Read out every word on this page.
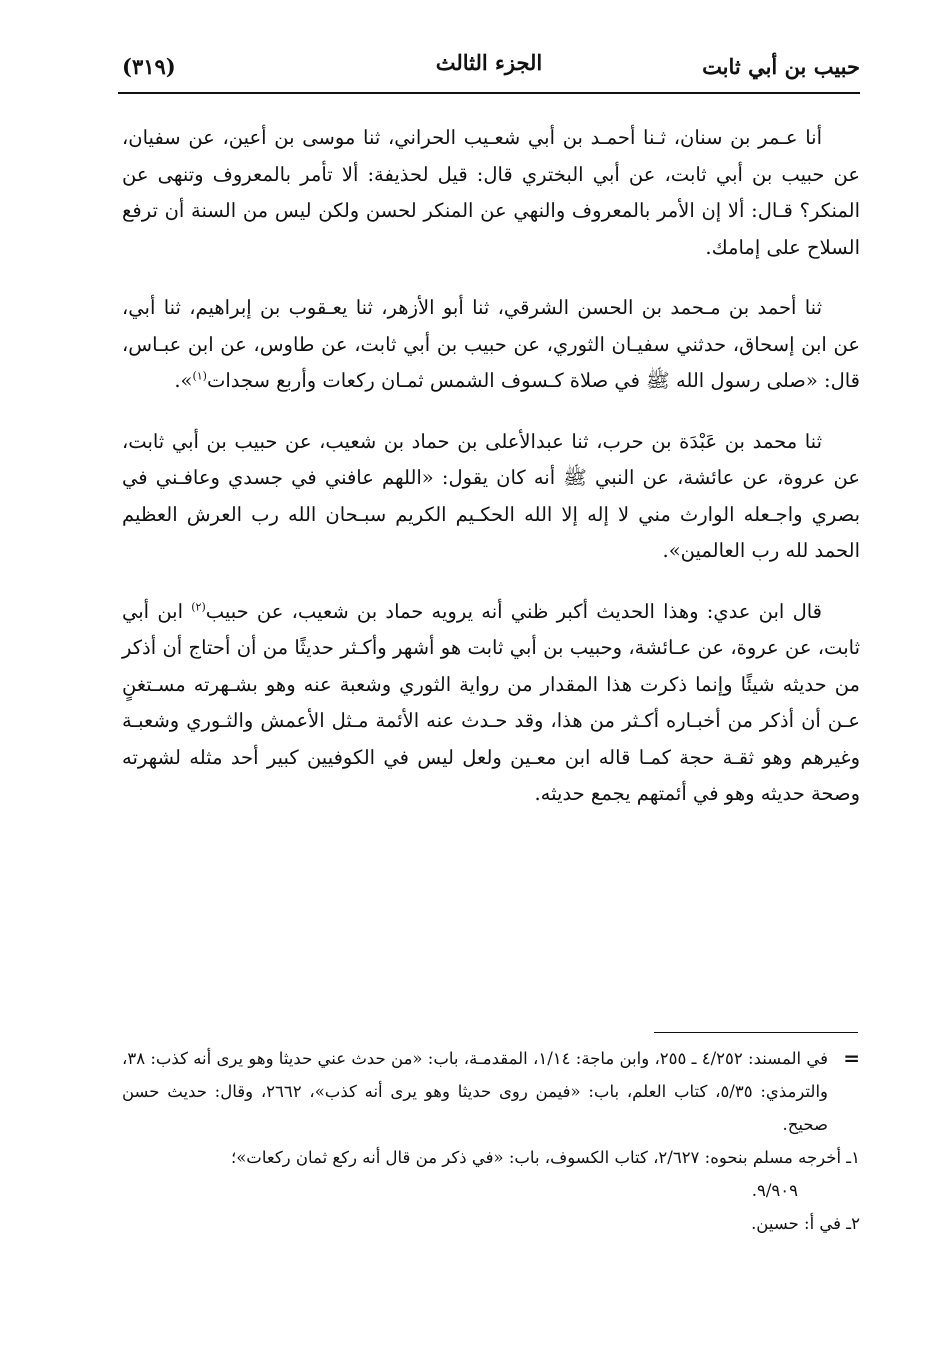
حبيب بن أبي ثابت
الجزء الثالث
(٣١٩)

أنا عـمر بن سنان، ثـنا أحمـد بن أبي شعـيب الحراني، ثنا موسى بن أعين، عن سفيان، عن حبيب بن أبي ثابت، عن أبي البختري قال: قيل لحذيفة: ألا تأمر بالمعروف وتنهى عن المنكر؟ قـال: ألا إن الأمر بالمعروف والنهي عن المنكر لحسن ولكن ليس من السنة أن ترفع السلاح على إمامك.

ثنا أحمد بن مـحمد بن الحسن الشرقي، ثنا أبو الأزهر، ثنا يعـقوب بن إبراهيم، ثنا أبي، عن ابن إسحاق، حدثني سفيـان الثوري، عن حبيب بن أبي ثابت، عن طاوس، عن ابن عبـاس، قال: «صلى رسول الله ﷺ في صلاة كـسوف الشمس ثمـان ركعات وأربع سجدات$^{(١)}$».

ثنا محمد بن عَبْدَة بن حرب، ثنا عبدالأعلى بن حماد بن شعيب، عن حبيب بن أبي ثابت، عن عروة، عن عائشة، عن النبي ﷺ أنه كان يقول: «اللهم عافني في جسدي وعافـني في بصري واجـعله الوارث مني لا إله إلا الله الحكـيم الكريم سبـحان الله رب العرش العظيم الحمد لله رب العالمين».

قال ابن عدي: وهذا الحديث أكبر ظني أنه يرويه حماد بن شعيب، عن حبيب$^{(٢)}$ ابن أبي ثابت، عن عروة، عن عـائشة، وحبيب بن أبي ثابت هو أشهر وأكـثر حديثًا من أن أحتاج أن أذكر من حديثه شيئًا وإنما ذكرت هذا المقدار من رواية الثوري وشعبة عنه وهو بشـهرته مسـتغنٍ عـن أن أذكر من أخبـاره أكـثر من هذا، وقد حـدث عنه الأئمة مـثل الأعمش والثـوري وشعبـة وغيرهم وهو ثقـة حجة كمـا قاله ابن معـين ولعل ليس في الكوفيين كبير أحد مثله لشهرته وصحة حديثه وهو في أئمتهم يجمع حديثه.

=
في المسند: ٤/٢٥٢ ـ ٢٥٥، وابن ماجة: ١/١٤، المقدمـة، باب: «من حدث عني حديثا وهو يرى أنه كذب: ٣٨، والترمذي: ٥/٣٥، كتاب العلم، باب: «فيمن روى حديثا وهو يرى أنه كذب»، ٢٦٦٢، وقال: حديث حسن صحيح.

١ـ أخرجه مسلم بنحوه: ٢/٦٢٧، كتاب الكسوف، باب: «في ذكر من قال أنه ركع ثمان ركعات»؛

٩/٩٠٩.

٢ـ في أ: حسين.
